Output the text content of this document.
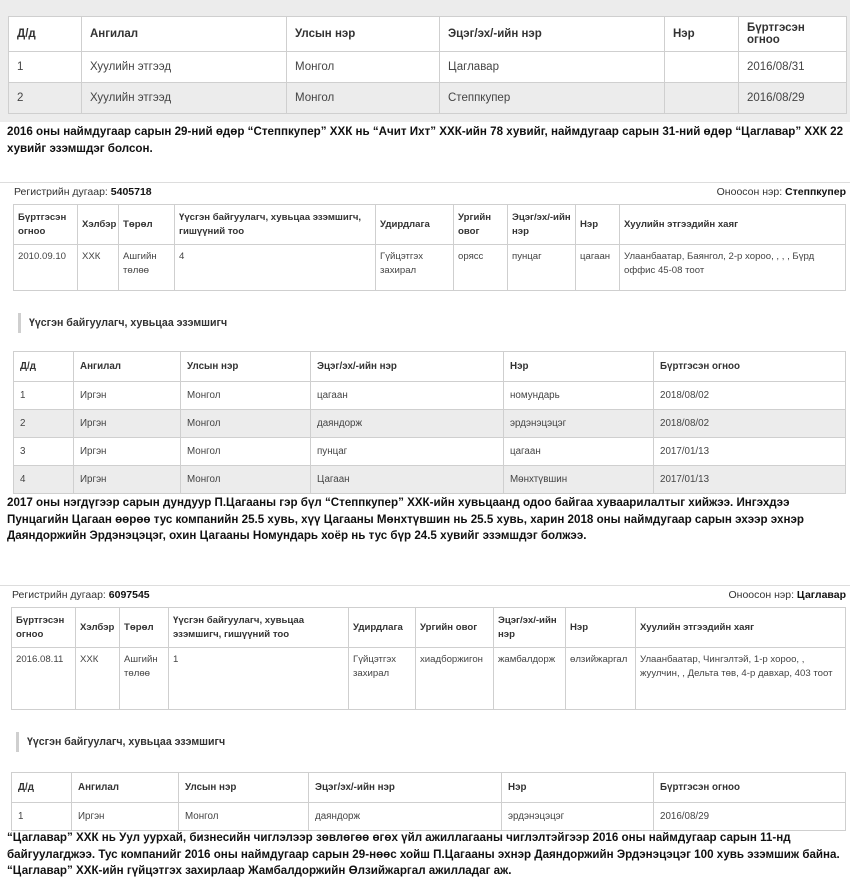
Д/д	Ангилал	Улсын нэр	Эцэг/эх/-ийн нэр	Нэр	Бүртгэсэн огноо
1	Хуулийн этгээд	Монгол	Цаглавар		2016/08/31
2	Хуулийн этгээд	Монгол	Степпкупер		2016/08/29
2016 оны наймдугаар сарын 29-ний өдөр “Степпкупер” ХХК нь “Ачит Ихт” ХХК-ийн 78 хувийг, наймдугаар сарын 31-ний өдөр “Цаглавар” ХХК 22 хувийг эзэмшдэг болсон.
Регистрийн дугаар: 5405718	Оноосон нэр: Степпкупер
Бүртгэсэн огноо	Хэлбэр	Төрөл	Үүсгэн байгуулагч, хувьцаа эзэмшигч, гишүүний тоо	Удирдлага	Ургийн овог	Эцэг/эх/-ийн нэр	Нэр	Хуулийн этгээдийн хаяг
2010.09.10	ХХК	Ашгийн төлөө	4	Гүйцэтгэх захирал	орясс	пунцаг	цагаан	Улаанбаатар, Баянгол, 2-р хороо, , , , Бүрд оффис 45-08 тоот
Үүсгэн байгуулагч, хувьцаа эзэмшигч
Д/д	Ангилал	Улсын нэр	Эцэг/эх/-ийн нэр	Нэр	Бүртгэсэн огноо
1	Иргэн	Монгол	цагаан	номундарь	2018/08/02
2	Иргэн	Монгол	даяндорж	эрдэнэцэцэг	2018/08/02
3	Иргэн	Монгол	пунцаг	цагаан	2017/01/13
4	Иргэн	Монгол	Цагаан	Мөнхтүвшин	2017/01/13
2017 оны нэгдүгээр сарын дундуур П.Цагааны гэр бүл “Степпкупер” ХХК-ийн хувьцаанд одоо байгаа хуваарилалтыг хийжээ. Ингэхдээ Пунцагийн Цагаан өөрөө тус компанийн 25.5 хувь, хүү Цагааны Мөнхтүвшин нь 25.5 хувь, харин 2018 оны наймдугаар сарын эхээр эхнэр Даяндоржийн Эрдэнэцэцэг, охин Цагааны Номундарь хоёр нь тус бүр 24.5 хувийг эзэмшдэг болжээ.
Регистрийн дугаар: 6097545	Оноосон нэр: Цаглавар
Бүртгэсэн огноо	Хэлбэр	Төрөл	Үүсгэн байгуулагч, хувьцаа эзэмшигч, гишүүний тоо	Удирдлага	Ургийн овог	Эцэг/эх/-ийн нэр	Нэр	Хуулийн этгээдийн хаяг
2016.08.11	ХХК	Ашгийн төлөө	1	Гүйцэтгэх захирал	хиадборжигон	жамбалдорж	өлзийжаргал	Улаанбаатар, Чингэлтэй, 1-р хороо, , жуулчин, , Дельта төв, 4-р давхар, 403 тоот
Үүсгэн байгуулагч, хувьцаа эзэмшигч
Д/д	Ангилал	Улсын нэр	Эцэг/эх/-ийн нэр	Нэр	Бүртгэсэн огноо
1	Иргэн	Монгол	даяндорж	эрдэнэцэцэг	2016/08/29
“Цаглавар” ХХК нь Уул уурхай, бизнесийн чиглэлээр зөвлөгөө өгөх үйл ажиллагааны чиглэлтэйгээр 2016 оны наймдугаар сарын 11-нд байгуулагджээ. Тус компанийг 2016 оны наймдугаар сарын 29-нөөс хойш П.Цагааны эхнэр Даяндоржийн Эрдэнэцэцэг 100 хувь эзэмшиж байна. “Цаглавар” ХХК-ийн гүйцэтгэх захирлаар Жамбалдоржийн Өлзийжаргал ажилладаг аж.
